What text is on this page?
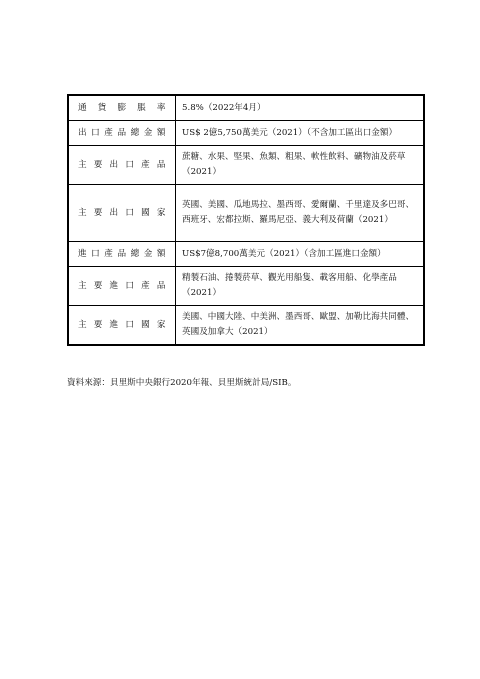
通貨膨脹率	5.8%（2022年4月）
出口產品總金額	US$ 2億5,750萬美元（2021）（不含加工區出口金額）
主要出口產品	蔗糖、水果、堅果、魚類、粗果、軟性飲料、礦物油及菸草（2021）
主要出口國家	英國、美國、瓜地馬拉、墨西哥、愛爾蘭、千里達及多巴哥、西班牙、宏都拉斯、羅馬尼亞、義大利及荷蘭（2021）
進口產品總金額	US$7億8,700萬美元（2021）（含加工區進口金額）
主要進口產品	精製石油、捲製菸草、觀光用船隻、載客用船、化學產品（2021）
主要進口國家	美國、中國大陸、中美洲、墨西哥、歐盟、加勒比海共同體、英國及加拿大（2021）
資料來源：貝里斯中央銀行2020年報、貝里斯統計局/SIB。
